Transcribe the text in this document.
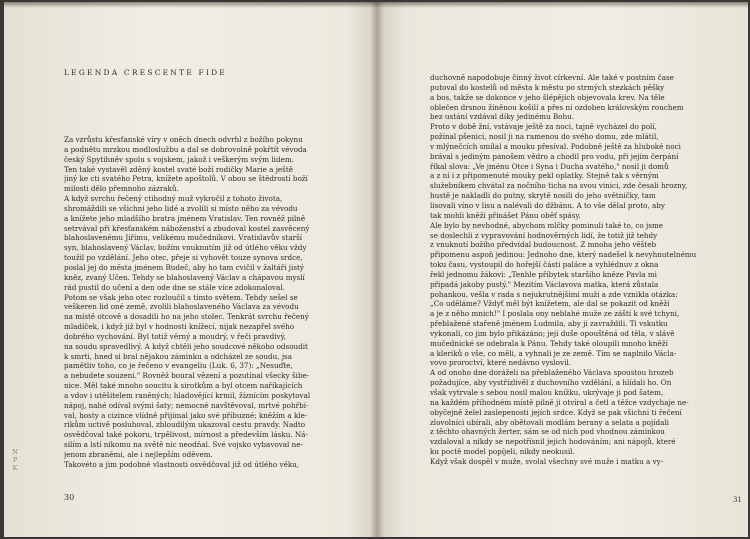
LEGENDA CRESCENTE FIDE
Za vzrůstu křesťanské víry v oněch dnech odvrhl z božího pokynu
a podnětu mrzkou modloslužbu a dal se dobrovolně pokřtít vévoda
český Spytihněv spolu s vojskem, jakož i veškerým svým lidem.
Ten také vystavěl zděný kostel svaté boží rodičky Marie a ještě
jiný ke cti svatého Petra, knížete apoštolů. V obou se štědrostí boží
milosti dělo přemnoho zázraků.
A když svrchu řečený ctihodný muž vykročil z tohoto života,
shromáždili se všichni jeho lidé a zvolili si místo něho za vévodu
a knížete jeho mladšího bratra jménem Vratislav. Ten rovněž pilně
setrvával při křesťanském náboženství a zbudoval kostel zasvěcený
blahoslavenému Jiřímu, velikému mučedníkovi. Vratislavův starší
syn, blahoslavený Václav, božím vnuknutím již od útlého věku vždy
toužil po vzdělání. Jeho otec, přeje si vyhovět touze synova srdce,
poslal jej do města jménem Budeč, aby ho tam cvičil v žaltáři jistý
kněz, zvaný Učen. Tehdy se blahoslavený Václav a chápavou myslí
rád pustil do učení a den ode dne se stále více zdokonaloval.
Potom se však jeho otec rozloučil s tímto světem. Tehdy sešel se
veškeren lid oné země, zvolili blahoslaveného Václava za vévodu
na místě otcově a dosadili ho na jeho stolec. Tenkrát svrchu řečený
mladíček, i když již byl v hodnosti knížecí, nijak nezapřel svého
dobrého vychování. Byl totiž věrný a moudrý, v řeči pravdivý,
na soudu spravedlivý. A když chtěli jeho soudcové někoho odsoudit
k smrti, hned si bral nějakou záminku a odcházel ze soudu, jsa
pamětliv toho, co je řečeno v evangeliu (Luk. 6, 37): „Nesuďte,
a nebudete souzeni." Rovněž boural vězení a pozutínal všecky šibe-
nice. Měl také mnoho soucitu k sirotkům a byl otcem naříkajících
a vdov i utěšitelem raněných; hladovějící krmil, žíznícím poskytoval
nápoj, nahé odíval svými šaty; nemocné navštěvoval, mrtvé pohřbí-
val, hosty a cizince vlídně přijímal jako své příbuzné; kněžím a kle-
rikům uctivě posluhoval, zbloudilým ukazoval cestu pravdy. Nadto
osvědčoval také pokoru, trpělivost, mírnost a především lásku. Ná-
silím a lstí nikomu na světě nic neodňal. Své vojsko vybavoval ne-
jenom zbraněmi, ale i nejlepším oděvem.
Takovéto a jim podobné vlastnosti osvědčoval již od útlého věku,
30
N
P
K
duchovně napodobuje činný život církevní. Ale také v postním čase
putoval do kostelů od města k městu po strmých stezkách pěšky
a bos, takže se dokonce v jeho šlépějích objevovala krev. Na těle
oblečen drsnou žíněnou košilí a přes ni ozdoben královským rouchem
bez ustání vzdával díky jedinému Bohu.
Proto v době žní, vstávaje ještě za noci, tajně vycházel do polí,
požínal pšenici, nosil ji na ramenou do svého domu, zde mlátil,
v mlýnečcích smílal a mouku přesíval. Podobně ještě za hluboké noci
brával s jediným panošem vědro a chodil pro vodu, při jejím čerpání
říkal slova: „Ve jménu Otce i Syna i Ducha svatého," nosil ji domů
a z ní i z připomenuté mouky pekl oplatky. Stejně tak s věrným
služebníkem chvátal za nočního ticha na svou vinici, zde česali hrozny,
hustě je nakladli do putny, skrytě nosili do jeho světničky, tam
lisovali víno v lisu a nalévali do džbánu. A to vše dělal proto, aby
tak mohli kněží přinášet Pánu oběť spásy.
Ale bylo by nevhodné, abychom mlčky pominuli také to, co jsme
se doslechli z vypravování hodnověrných lidí, že totiž již tehdy
z vnuknutí božího předvídal budoucnost. Z mnoha jeho věšteb
připomenu aspoň jedinou: Jednoho dne, který nadešel k nevyhnutelnému
toku času, vystoupil do hořejší části paláce a vyhlédnuv z okna
řekl jednomu žákovi: „Tenhle příbytek staršího knězе Pavla mi
připadá jakoby pustý." Mezitím Václavova matka, která zůstala
pohankou, vešla v rada s nejukrutnějšími muži a zde vznikla otázka:
„Co uděláme? Vždyť měl být knížetem, ale dal se pokazit od kněží
a je z něho mnich!" I poslala ony neblahé muže ze záští k své tchyni,
přeblažené stařeně jménem Ludmila, aby ji zavraždili. Ti vskutku
vykonali, co jim bylo přikázáno; její duše opouštěná od těla, v slávě
mučednické se odebrala k Pánu. Tehdy také oloupili mnoho kněží
a kleriků o vše, co měli, a vyhnali je ze země. Tím se naplnilo Václa-
vovo proroctví, které nedávno vyslovil.
A od onoho dne doráželi na přeblaženého Václava spoustou hrozeb
požadujíce, aby vystřízlivěl z duchovního vzdělání, a hlídali ho. On
však vytrvale s sebou nosil malou knížku, ukrývaje ji pod šatem,
na každém příhodném místě pilně ji otvíral a četl a těžce vzdychaje ne-
obyčejně želel zaslepenosti jejích srdce. Když se pak všichni ti řečení
zlovolníci ubírali, aby obětovali modlám berany a selata a pojídali
z těchto ohavných žerter, sám se od nich pod vhodnou záminkou
vzdaloval a nikdy se nepotřísnil jejich hodováním; ani nápojů, které
ku poctě model popíjeli, nikdy neokusil.
Když však dospěl v muže, svolal všechny své muže i matku a vy-
31
